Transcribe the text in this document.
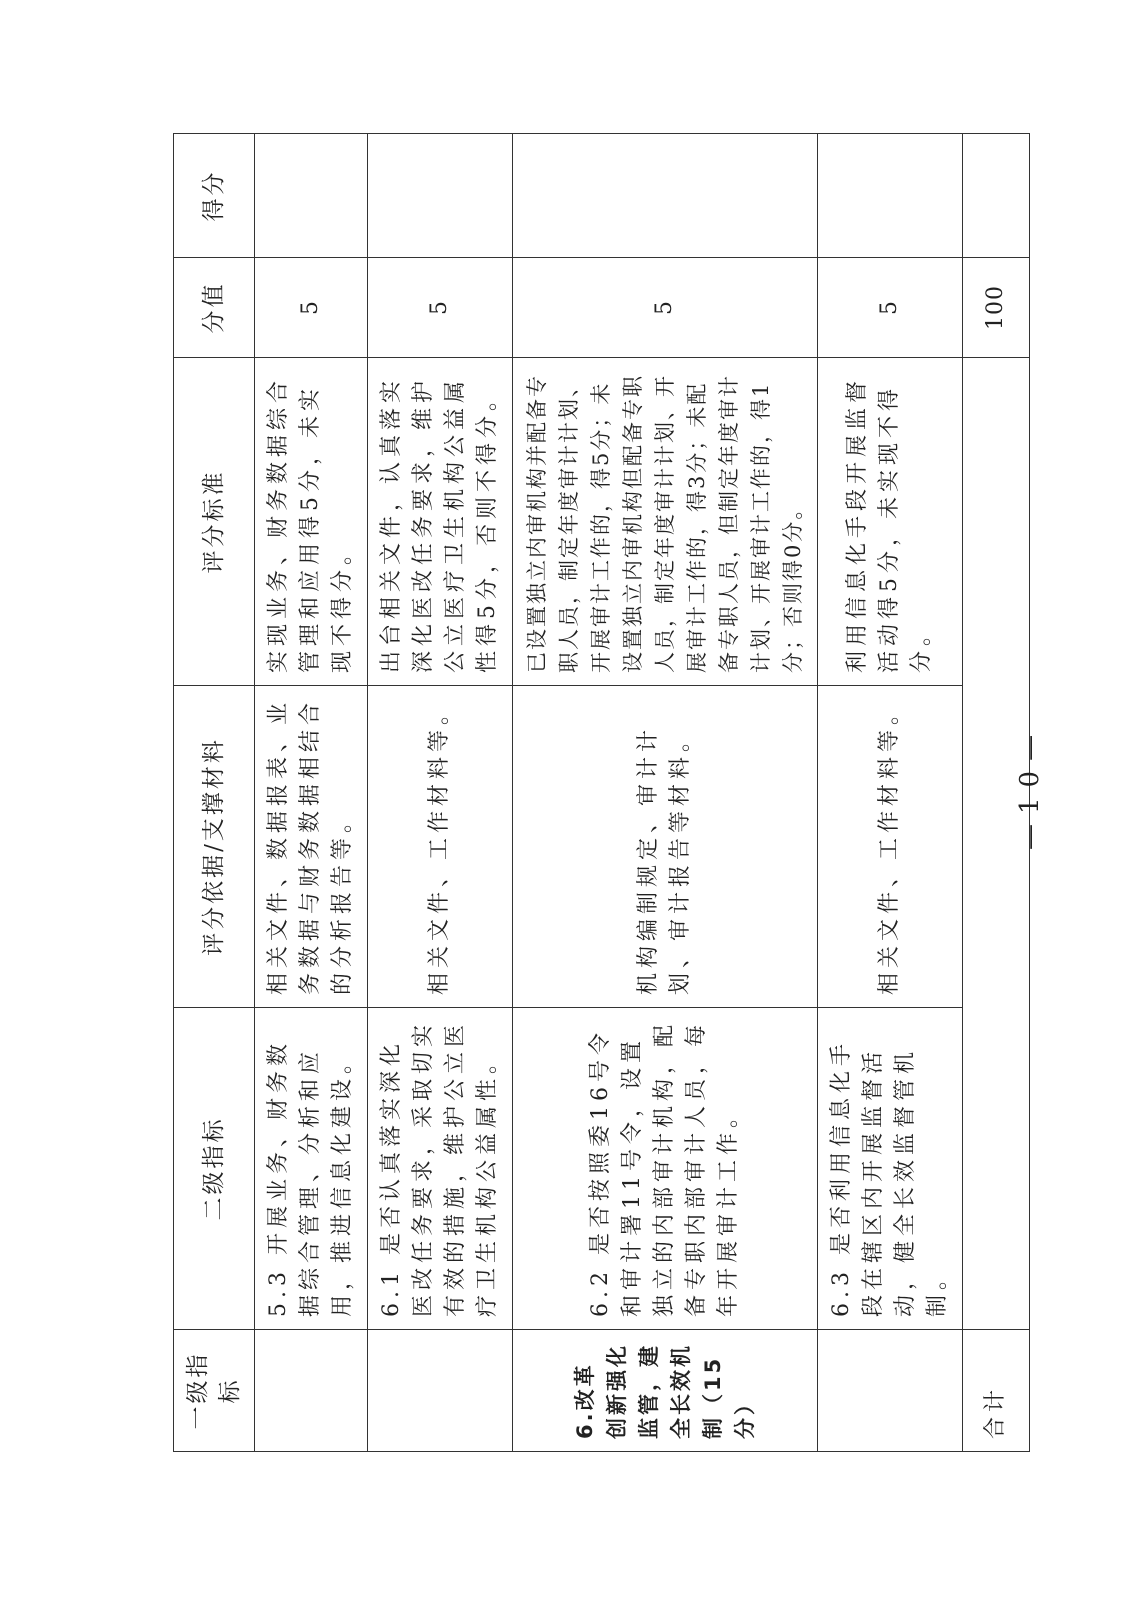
一级指标	二级指标	评分依据/支撑材料	评分标准	分值	得分
	5.3 开展业务、财务数据综合管理、分析和应用，推进信息化建设。	相关文件、数据报表、业务数据与财务数据相结合的分析报告等。	实现业务、财务数据综合管理和应用得5分，未实现不得分。	5	
	6.1 是否认真落实深化医改任务要求，采取切实有效的措施，维护公立医疗卫生机构公益属性。	相关文件、工作材料等。	出台相关文件，认真落实深化医改任务要求，维护公立医疗卫生机构公益属性得5分，否则不得分。	5	
6.改革创新强化监管，建全长效机制（15分）	6.2 是否按照委16号令和审计署11号令，设置独立的内部审计机构，配备专职内部审计人员，每年开展审计工作。	机构编制规定、审计计划、审计报告等材料。	已设置独立内审机构并配备专职人员，制定年度审计计划、开展审计工作的，得5分；未设置独立内审机构但配备专职人员，制定年度审计计划、开展审计工作的，得3分；未配备专职人员，但制定年度审计计划、开展审计工作的，得1分；否则得0分。	5	
	6.3 是否利用信息化手段在辖区内开展监督活动，健全长效监督管机制。	相关文件、工作材料等。	利用信息化手段开展监督活动得5分，未实现不得分。	5	
合计				100	
—10—
